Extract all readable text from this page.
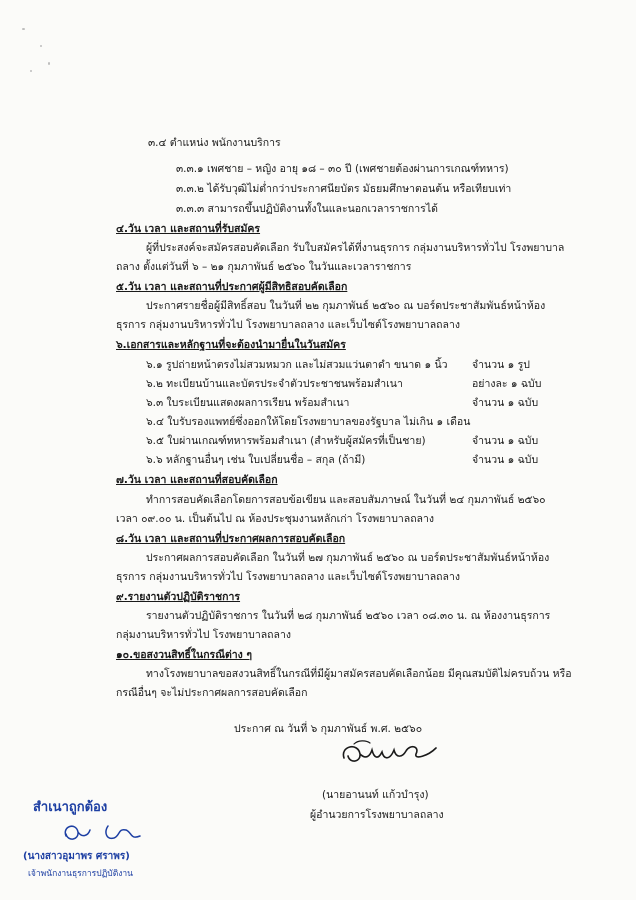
๓.๔ ตำแหน่ง พนักงานบริการ
๓.๓.๑ เพศชาย – หญิง อายุ ๑๘ – ๓๐ ปี (เพศชายต้องผ่านการเกณฑ์ทหาร)
๓.๓.๒ ได้รับวุฒิไม่ต่ำกว่าประกาศนียบัตร มัธยมศึกษาตอนต้น หรือเทียบเท่า
๓.๓.๓ สามารถขึ้นปฏิบัติงานทั้งในและนอกเวลาราชการได้
๔.วัน เวลา และสถานที่รับสมัคร
ผู้ที่ประสงค์จะสมัครสอบคัดเลือก รับใบสมัครได้ที่งานธุรการ กลุ่มงานบริหารทั่วไป โรงพยาบาล
ถลาง ตั้งแต่วันที่ ๖ – ๒๑ กุมภาพันธ์ ๒๕๖๐ ในวันและเวลาราชการ
๕.วัน เวลา และสถานที่ประกาศผู้มีสิทธิสอบคัดเลือก
ประกาศรายชื่อผู้มีสิทธิ์สอบ ในวันที่ ๒๒ กุมภาพันธ์ ๒๕๖๐ ณ บอร์ดประชาสัมพันธ์หน้าห้อง
ธุรการ กลุ่มงานบริหารทั่วไป โรงพยาบาลถลาง และเว็บไซต์โรงพยาบาลถลาง
๖.เอกสารและหลักฐานที่จะต้องนำมายื่นในวันสมัคร
๖.๑ รูปถ่ายหน้าตรงไม่สวมหมวก และไม่สวมแว่นตาดำ ขนาด ๑ นิ้ว จำนวน ๑ รูป
๖.๒ ทะเบียนบ้านและบัตรประจำตัวประชาชนพร้อมสำเนา	อย่างละ ๑ ฉบับ
๖.๓ ใบระเบียนแสดงผลการเรียน พร้อมสำเนา	จำนวน ๑ ฉบับ
๖.๔ ใบรับรองแพทย์ซึ่งออกให้โดยโรงพยาบาลของรัฐบาล ไม่เกิน ๑ เดือน
๖.๕ ใบผ่านเกณฑ์ทหารพร้อมสำเนา (สำหรับผู้สมัครที่เป็นชาย)	จำนวน ๑ ฉบับ
๖.๖ หลักฐานอื่นๆ เช่น ใบเปลี่ยนชื่อ – สกุล (ถ้ามี)	จำนวน ๑ ฉบับ
๗.วัน เวลา และสถานที่สอบคัดเลือก
ทำการสอบคัดเลือกโดยการสอบข้อเขียน และสอบสัมภาษณ์ ในวันที่ ๒๔ กุมภาพันธ์ ๒๕๖๐
เวลา ๐๙.๐๐ น. เป็นต้นไป ณ ห้องประชุมงานหลักเก่า โรงพยาบาลถลาง
๘.วัน เวลา และสถานที่ประกาศผลการสอบคัดเลือก
ประกาศผลการสอบคัดเลือก ในวันที่ ๒๗ กุมภาพันธ์ ๒๕๖๐ ณ บอร์ดประชาสัมพันธ์หน้าห้อง
ธุรการ กลุ่มงานบริหารทั่วไป โรงพยาบาลถลาง และเว็บไซต์โรงพยาบาลถลาง
๙.รายงานตัวปฏิบัติราชการ
รายงานตัวปฏิบัติราชการ ในวันที่ ๒๘ กุมภาพันธ์ ๒๕๖๐ เวลา ๐๘.๓๐ น. ณ ห้องงานธุรการ
กลุ่มงานบริหารทั่วไป โรงพยาบาลถลาง
๑๐.ขอสงวนสิทธิ์ในกรณีต่าง ๆ
ทางโรงพยาบาลขอสงวนสิทธิ์ในกรณีที่มีผู้มาสมัครสอบคัดเลือกน้อย มีคุณสมบัติไม่ครบถ้วน หรือ
กรณีอื่นๆ จะไม่ประกาศผลการสอบคัดเลือก
ประกาศ ณ วันที่ ๖ กุมภาพันธ์ พ.ศ. ๒๕๖๐
(นายอานนท์ แก้วบำรุง)
ผู้อำนวยการโรงพยาบาลถลาง
สำเนาถูกต้อง
(นางสาวอุมาพร ศราพร)
เจ้าพนักงานธุรการปฏิบัติงาน
